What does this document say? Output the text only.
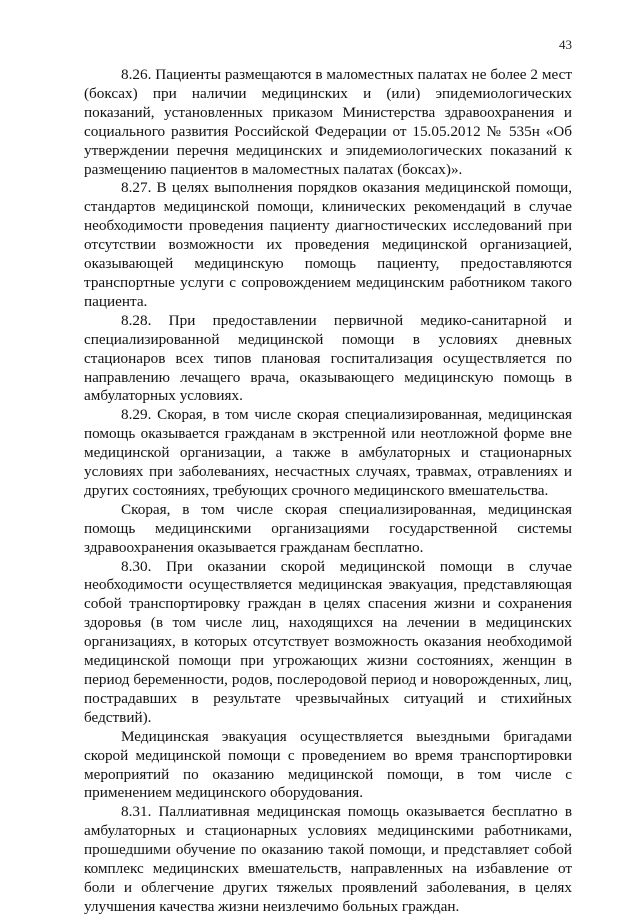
43

8.26. Пациенты размещаются в маломестных палатах не более 2 мест (боксах) при наличии медицинских и (или) эпидемиологических показаний, установленных приказом Министерства здравоохранения и социального развития Российской Федерации от 15.05.2012 № 535н «Об утверждении перечня медицинских и эпидемиологических показаний к размещению пациентов в маломестных палатах (боксах)».

8.27. В целях выполнения порядков оказания медицинской помощи, стандартов медицинской помощи, клинических рекомендаций в случае необходимости проведения пациенту диагностических исследований при отсутствии возможности их проведения медицинской организацией, оказывающей медицинскую помощь пациенту, предоставляются транспортные услуги с сопровождением медицинским работником такого пациента.

8.28. При предоставлении первичной медико-санитарной и специализированной медицинской помощи в условиях дневных стационаров всех типов плановая госпитализация осуществляется по направлению лечащего врача, оказывающего медицинскую помощь в амбулаторных условиях.

8.29. Скорая, в том числе скорая специализированная, медицинская помощь оказывается гражданам в экстренной или неотложной форме вне медицинской организации, а также в амбулаторных и стационарных условиях при заболеваниях, несчастных случаях, травмах, отравлениях и других состояниях, требующих срочного медицинского вмешательства.

Скорая, в том числе скорая специализированная, медицинская помощь медицинскими организациями государственной системы здравоохранения оказывается гражданам бесплатно.

8.30. При оказании скорой медицинской помощи в случае необходимости осуществляется медицинская эвакуация, представляющая собой транспортировку граждан в целях спасения жизни и сохранения здоровья (в том числе лиц, находящихся на лечении в медицинских организациях, в которых отсутствует возможность оказания необходимой медицинской помощи при угрожающих жизни состояниях, женщин в период беременности, родов, послеродовой период и новорожденных, лиц, пострадавших в результате чрезвычайных ситуаций и стихийных бедствий).

Медицинская эвакуация осуществляется выездными бригадами скорой медицинской помощи с проведением во время транспортировки мероприятий по оказанию медицинской помощи, в том числе с применением медицинского оборудования.

8.31. Паллиативная медицинская помощь оказывается бесплатно в амбулаторных и стационарных условиях медицинскими работниками, прошедшими обучение по оказанию такой помощи, и представляет собой комплекс медицинских вмешательств, направленных на избавление от боли и облегчение других тяжелых проявлений заболевания, в целях улучшения качества жизни неизлечимо больных граждан.
